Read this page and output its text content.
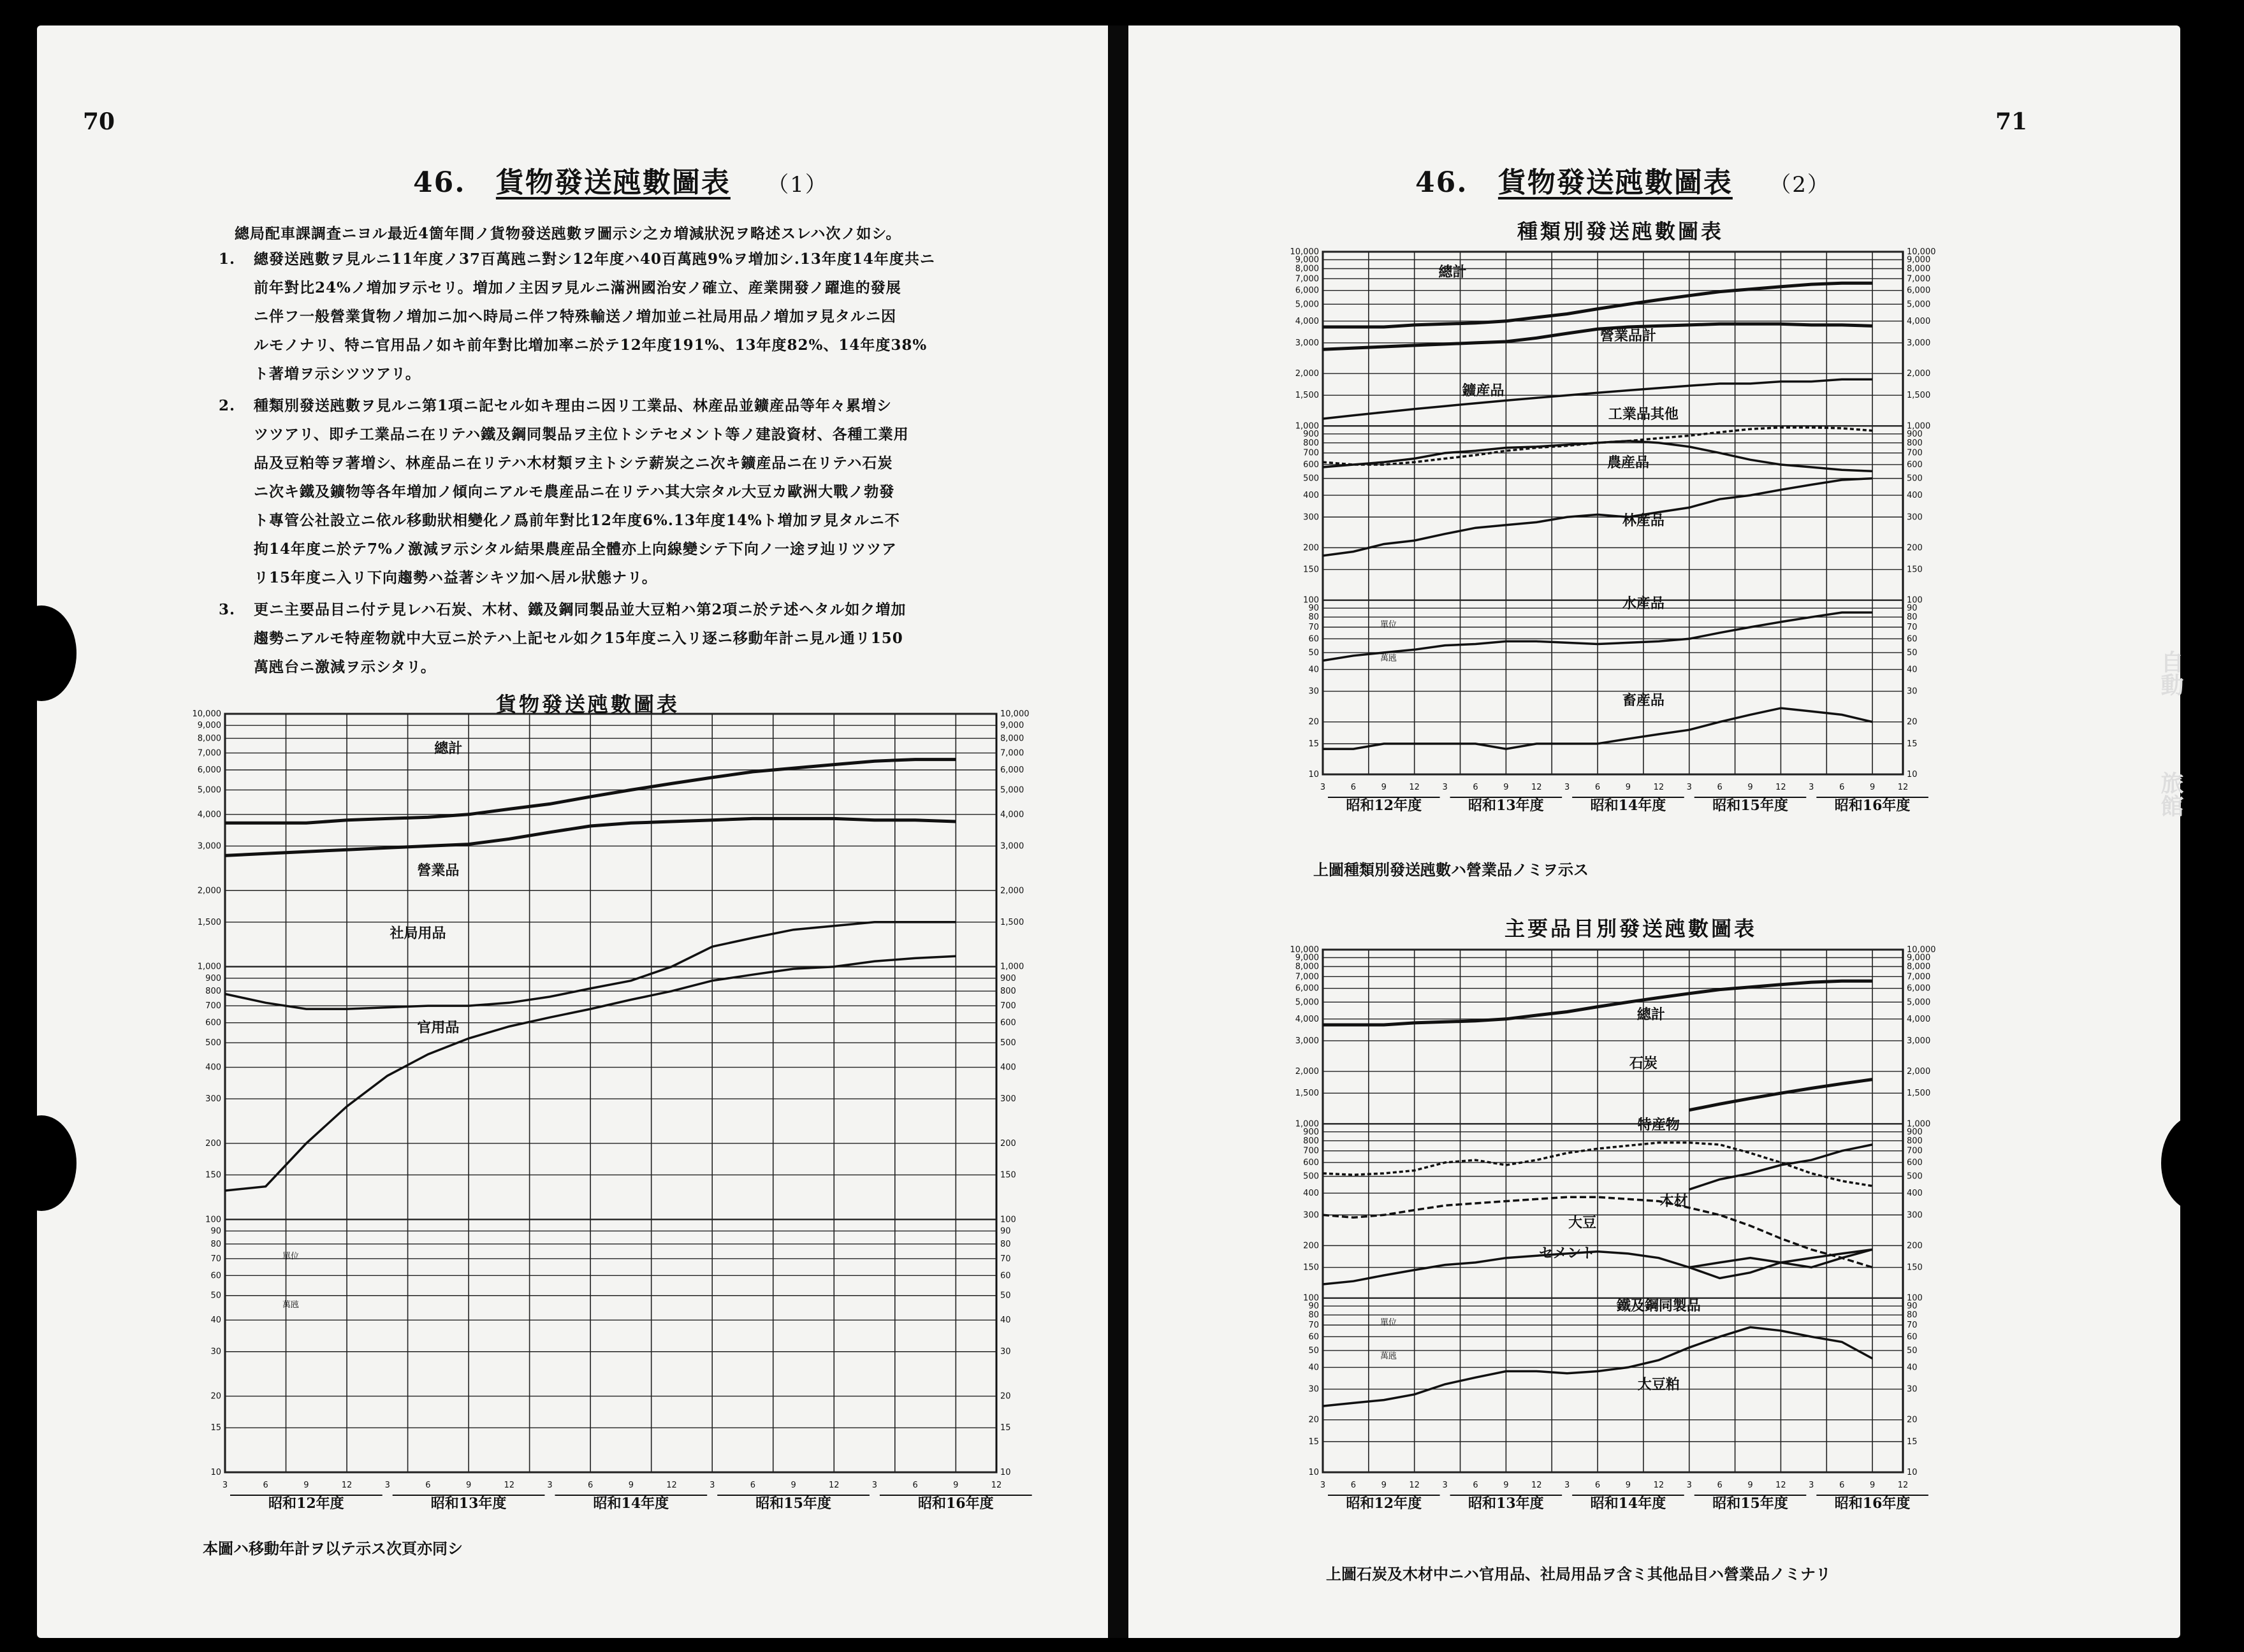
70
46. 貨物發送瓲數圖表 （1）
總局配車課調査ニヨル最近4箇年間ノ貨物發送瓲數ヲ圖示シ之カ増減狀況ヲ略述スレハ次ノ如シ。
1. 總發送瓲數ヲ見ルニ11年度ノ37百萬瓲ニ對シ12年度ハ40百萬瓲9%ヲ増加シ.13年度14年度共ニ
前年對比24%ノ増加ヲ示セリ。増加ノ主因ヲ見ルニ滿洲國治安ノ確立、産業開發ノ躍進的發展
ニ伴フ一般營業貨物ノ増加ニ加ヘ時局ニ伴フ特殊輸送ノ増加並ニ社局用品ノ増加ヲ見タルニ因
ルモノナリ、特ニ官用品ノ如キ前年對比増加率ニ於テ12年度191%、13年度82%、14年度38%
ト著増ヲ示シツツアリ。
2. 種類別發送瓲數ヲ見ルニ第1項ニ記セル如キ理由ニ因リ工業品、林産品並鑛産品等年々累増シ
ツツアリ、即チ工業品ニ在リテハ鐵及鋼同製品ヲ主位トシテセメント等ノ建設資材、各種工業用
品及豆粕等ヲ著増シ、林産品ニ在リテハ木材類ヲ主トシテ薪炭之ニ次キ鑛産品ニ在リテハ石炭
ニ次キ鐵及鑛物等各年増加ノ傾向ニアルモ農産品ニ在リテハ其大宗タル大豆カ歐洲大戰ノ勃發
ト專管公社設立ニ依ル移動狀相變化ノ爲前年對比12年度6%.13年度14%ト増加ヲ見タルニ不
拘14年度ニ於テ7%ノ激減ヲ示シタル結果農産品全體亦上向線變シテ下向ノ一途ヲ辿リツツア
リ15年度ニ入リ下向趨勢ハ益著シキツ加ヘ居ル狀態ナリ。
3. 更ニ主要品目ニ付テ見レハ石炭、木材、鐵及鋼同製品並大豆粕ハ第2項ニ於テ述ヘタル如ク増加
趨勢ニアルモ特産物就中大豆ニ於テハ上記セル如ク15年度ニ入リ逐ニ移動年計ニ見ル通リ150
萬瓲台ニ激減ヲ示シタリ。
貨物發送瓲數圖表
10,000	10,000
9,000	9,000
8,000	8,000
7,000	7,000
6,000	6,000
5,000	5,000
4,000	4,000
3,000	3,000
2,000	2,000
1,500	1,500
1,000	1,000
900	900
800	800
700	700
600	600
500	500
400	400
300	300
200	200
150	150
100	100
90	90
80	80
70	70
60	60
50	50
40	40
30	30
20	20
15	15
10	10
3	6	9	12	3	6	9	12	3	6	9	12	3	6	9	12	3	6	9	12
昭和12年度	昭和13年度	昭和14年度	昭和15年度	昭和16年度
單位
萬瓲
總計
營業品
社局用品
官用品
本圖ハ移動年計ヲ以テ示ス次頁亦同シ
71
46. 貨物發送瓲數圖表 （2）
種類別發送瓲數圖表
10,000	10,000
9,000	9,000
8,000	8,000
7,000	7,000
6,000	6,000
5,000	5,000
4,000	4,000
3,000	3,000
2,000	2,000
1,500	1,500
1,000	1,000
900	900
800	800
700	700
600	600
500	500
400	400
300	300
200	200
150	150
100	100
90	90
80	80
70	70
60	60
50	50
40	40
30	30
20	20
15	15
10	10
3	6	9	12	3	6	9	12	3	6	9	12	3	6	9	12	3	6	9	12
昭和12年度	昭和13年度	昭和14年度	昭和15年度	昭和16年度
單位
萬瓲
總計
營業品計
鑛産品
工業品其他
農産品
林産品
水産品
畜産品
上圖種類別發送瓲數ハ營業品ノミヲ示ス
主要品目別發送瓲數圖表
10,000	10,000
9,000	9,000
8,000	8,000
7,000	7,000
6,000	6,000
5,000	5,000
4,000	4,000
3,000	3,000
2,000	2,000
1,500	1,500
1,000	1,000
900	900
800	800
700	700
600	600
500	500
400	400
300	300
200	200
150	150
100	100
90	90
80	80
70	70
60	60
50	50
40	40
30	30
20	20
15	15
10	10
3	6	9	12	3	6	9	12	3	6	9	12	3	6	9	12	3	6	9	12
昭和12年度	昭和13年度	昭和14年度	昭和15年度	昭和16年度
單位
萬瓲
總計
石炭
特産物
木材
セメント
大豆
鐵及鋼同製品
大豆粕
上圖石炭及木材中ニハ官用品、社局用品ヲ含ミ其他品目ハ營業品ノミナリ
自動
旅館
